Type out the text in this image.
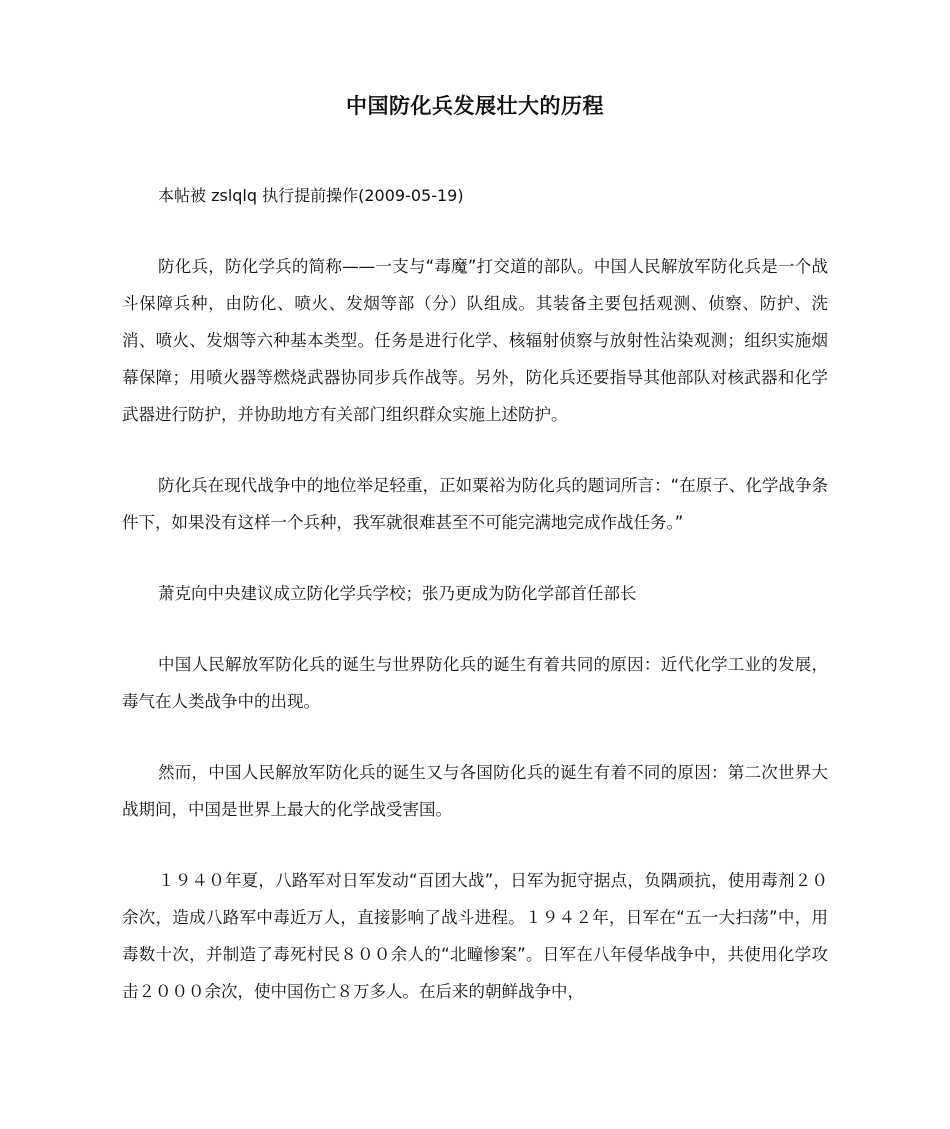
中国防化兵发展壮大的历程

本帖被 zslqlq 执行提前操作(2009-05-19)

防化兵，防化学兵的简称——一支与“毒魔”打交道的部队。中国人民解放军防化兵是一个战斗保障兵种，由防化、喷火、发烟等部（分）队组成。其装备主要包括观测、侦察、防护、洗消、喷火、发烟等六种基本类型。任务是进行化学、核辐射侦察与放射性沾染观测；组织实施烟幕保障；用喷火器等燃烧武器协同步兵作战等。另外，防化兵还要指导其他部队对核武器和化学武器进行防护，并协助地方有关部门组织群众实施上述防护。

防化兵在现代战争中的地位举足轻重，正如粟裕为防化兵的题词所言：“在原子、化学战争条件下，如果没有这样一个兵种，我军就很难甚至不可能完满地完成作战任务。”

萧克向中央建议成立防化学兵学校；张乃更成为防化学部首任部长

中国人民解放军防化兵的诞生与世界防化兵的诞生有着共同的原因：近代化学工业的发展，毒气在人类战争中的出现。

然而，中国人民解放军防化兵的诞生又与各国防化兵的诞生有着不同的原因：第二次世界大战期间，中国是世界上最大的化学战受害国。

１９４０年夏，八路军对日军发动“百团大战”，日军为扼守据点，负隅顽抗，使用毒剂２０余次，造成八路军中毒近万人，直接影响了战斗进程。１９４２年，日军在“五一大扫荡”中，用毒数十次，并制造了毒死村民８００余人的“北疃惨案”。日军在八年侵华战争中，共使用化学攻击２０００余次，使中国伤亡８万多人。在后来的朝鲜战争中，
